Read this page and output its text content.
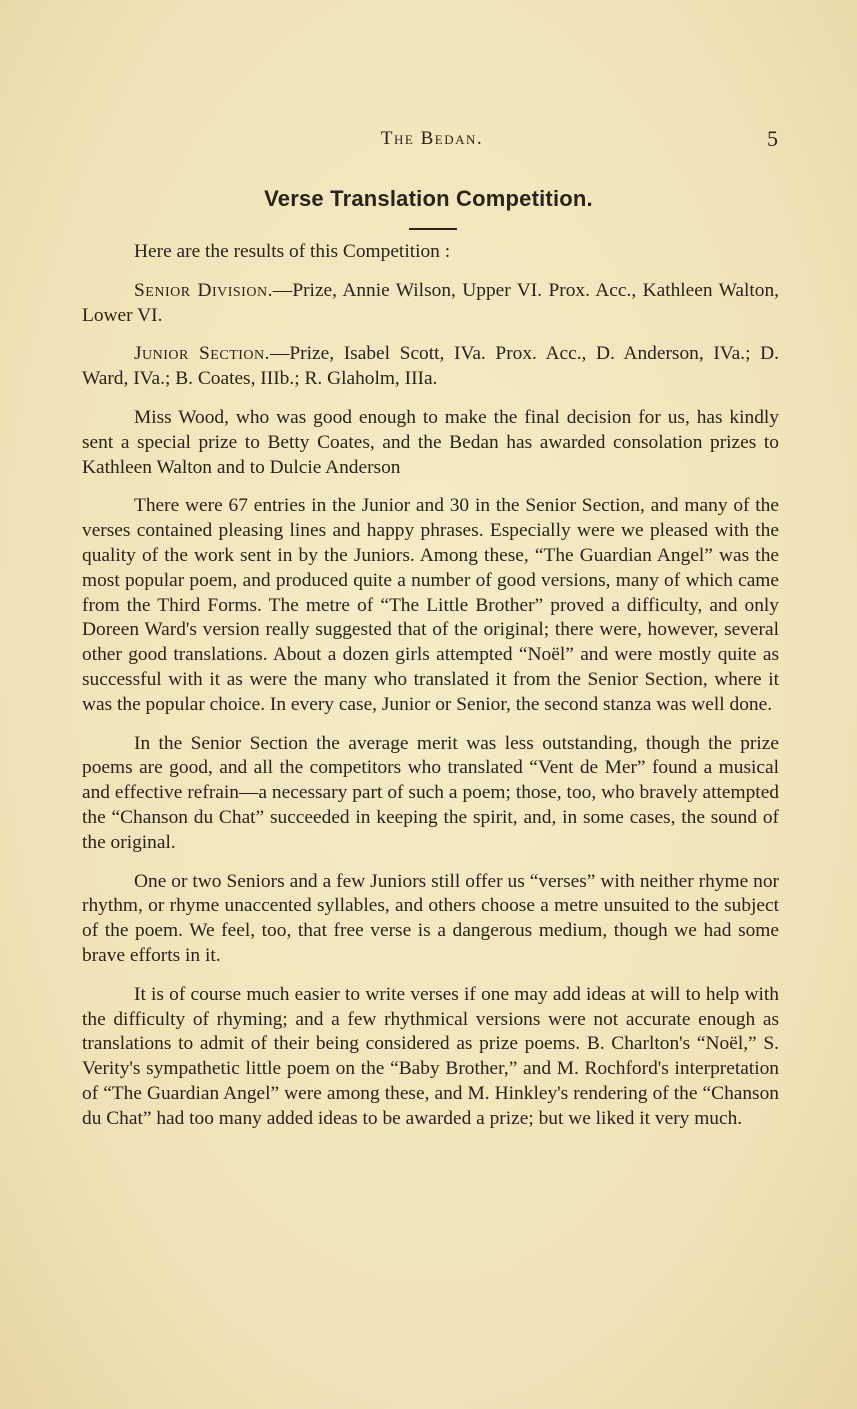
The Bedan.	5
Verse Translation Competition.

Here are the results of this Competition :

Senior Division.—Prize, Annie Wilson, Upper VI. Prox. Acc., Kathleen Walton, Lower VI.

Junior Section.—Prize, Isabel Scott, IVa. Prox. Acc., D. Anderson, IVa.; D. Ward, IVa.; B. Coates, IIIb.; R. Glaholm, IIIa.

Miss Wood, who was good enough to make the final decision for us, has kindly sent a special prize to Betty Coates, and the Bedan has awarded consolation prizes to Kathleen Walton and to Dulcie Anderson

There were 67 entries in the Junior and 30 in the Senior Section, and many of the verses contained pleasing lines and happy phrases. Especially were we pleased with the quality of the work sent in by the Juniors. Among these, “The Guardian Angel” was the most popular poem, and produced quite a number of good versions, many of which came from the Third Forms. The metre of “The Little Brother” proved a difficulty, and only Doreen Ward's version really suggested that of the original; there were, however, several other good translations. About a dozen girls attempted “Noël” and were mostly quite as successful with it as were the many who translated it from the Senior Section, where it was the popular choice. In every case, Junior or Senior, the second stanza was well done.

In the Senior Section the average merit was less outstanding, though the prize poems are good, and all the competitors who translated “Vent de Mer” found a musical and effective refrain—a necessary part of such a poem; those, too, who bravely attempted the “Chanson du Chat” succeeded in keeping the spirit, and, in some cases, the sound of the original.

One or two Seniors and a few Juniors still offer us “verses” with neither rhyme nor rhythm, or rhyme unaccented syllables, and others choose a metre unsuited to the subject of the poem. We feel, too, that free verse is a dangerous medium, though we had some brave efforts in it.

It is of course much easier to write verses if one may add ideas at will to help with the difficulty of rhyming; and a few rhythmical versions were not accurate enough as translations to admit of their being considered as prize poems. B. Charlton's “Noël,” S. Verity's sympathetic little poem on the “Baby Brother,” and M. Rochford's interpretation of “The Guardian Angel” were among these, and M. Hinkley's rendering of the “Chanson du Chat” had too many added ideas to be awarded a prize; but we liked it very much.
